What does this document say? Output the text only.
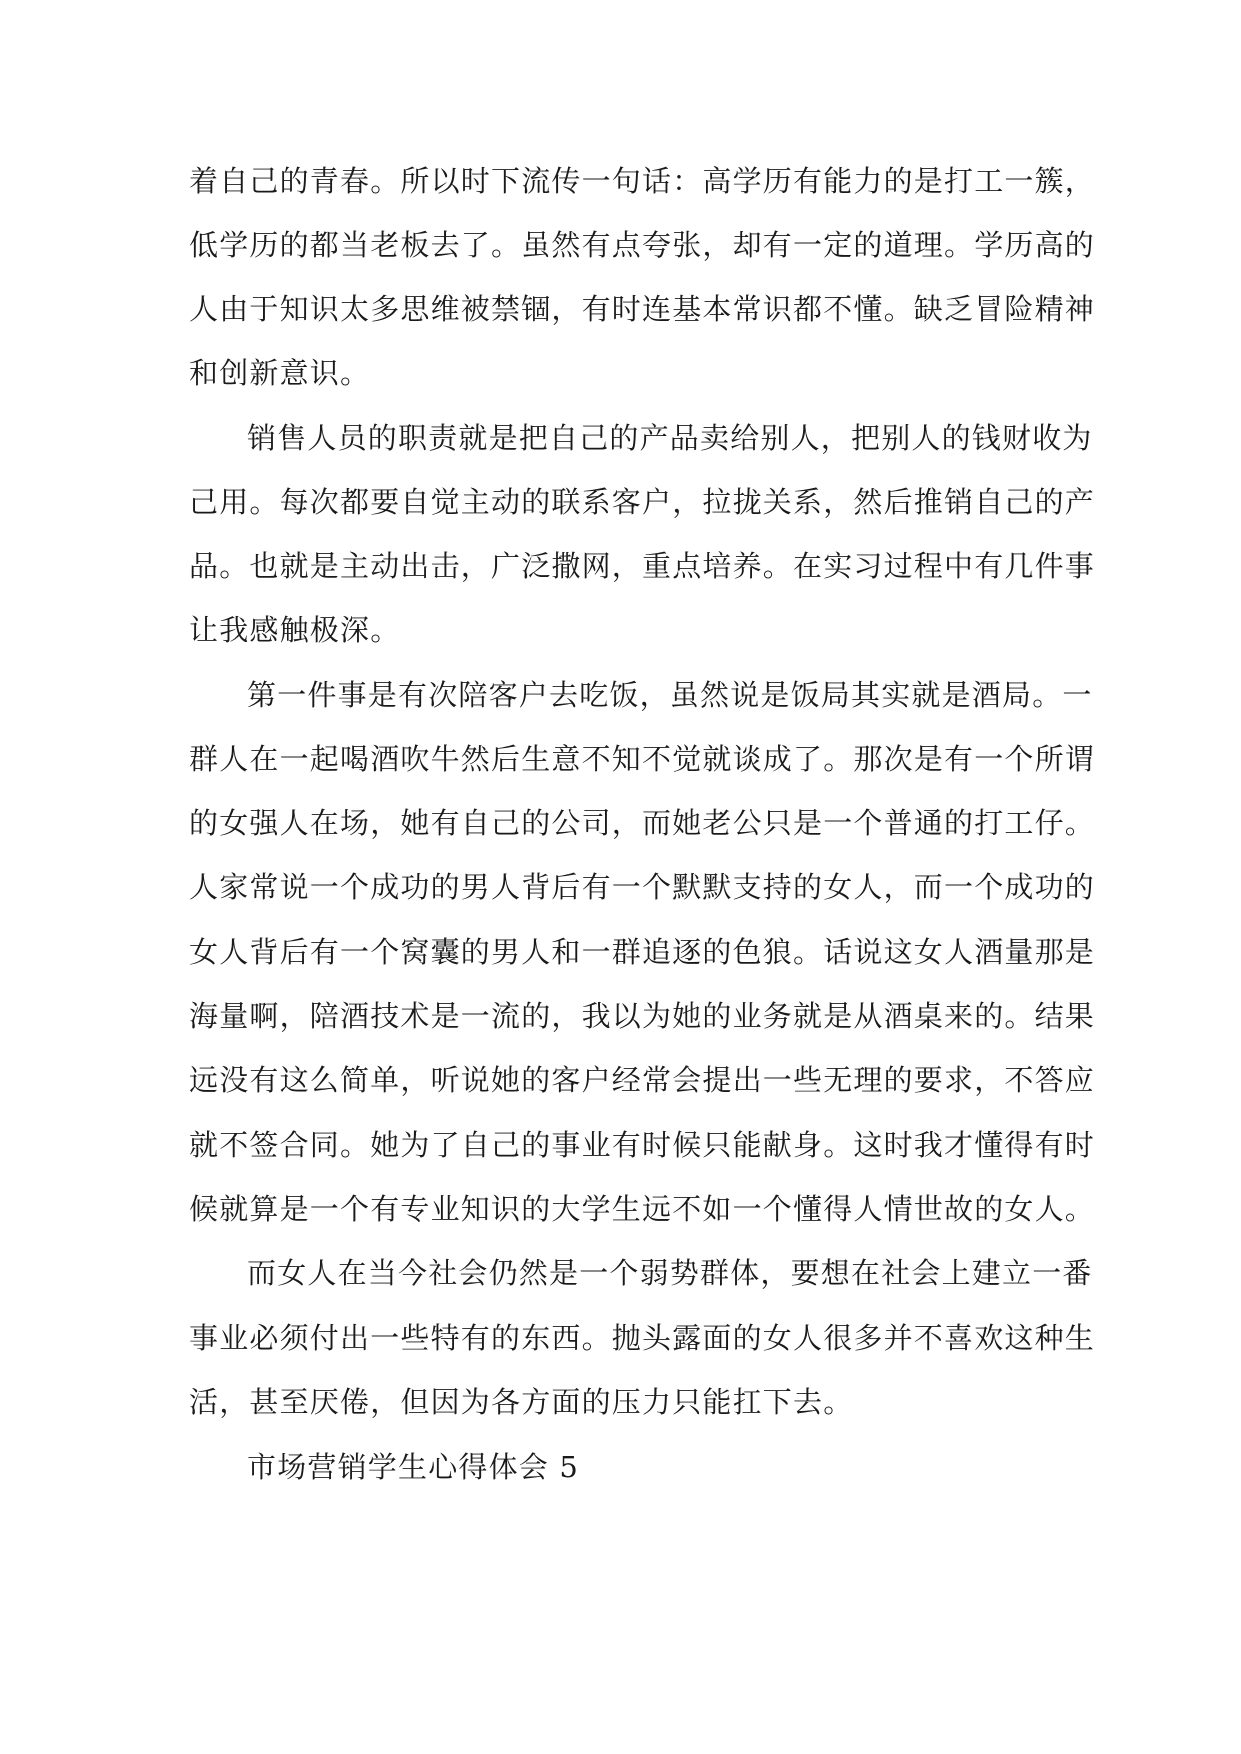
着自己的青春。所以时下流传一句话：高学历有能力的是打工一簇，
低学历的都当老板去了。虽然有点夸张，却有一定的道理。学历高的
人由于知识太多思维被禁锢，有时连基本常识都不懂。缺乏冒险精神
和创新意识。
销售人员的职责就是把自己的产品卖给别人，把别人的钱财收为
己用。每次都要自觉主动的联系客户，拉拢关系，然后推销自己的产
品。也就是主动出击，广泛撒网，重点培养。在实习过程中有几件事
让我感触极深。
第一件事是有次陪客户去吃饭，虽然说是饭局其实就是酒局。一
群人在一起喝酒吹牛然后生意不知不觉就谈成了。那次是有一个所谓
的女强人在场，她有自己的公司，而她老公只是一个普通的打工仔。
人家常说一个成功的男人背后有一个默默支持的女人，而一个成功的
女人背后有一个窝囊的男人和一群追逐的色狼。话说这女人酒量那是
海量啊，陪酒技术是一流的，我以为她的业务就是从酒桌来的。结果
远没有这么简单，听说她的客户经常会提出一些无理的要求，不答应
就不签合同。她为了自己的事业有时候只能献身。这时我才懂得有时
候就算是一个有专业知识的大学生远不如一个懂得人情世故的女人。
而女人在当今社会仍然是一个弱势群体，要想在社会上建立一番
事业必须付出一些特有的东西。抛头露面的女人很多并不喜欢这种生
活，甚至厌倦，但因为各方面的压力只能扛下去。
市场营销学生心得体会 5
